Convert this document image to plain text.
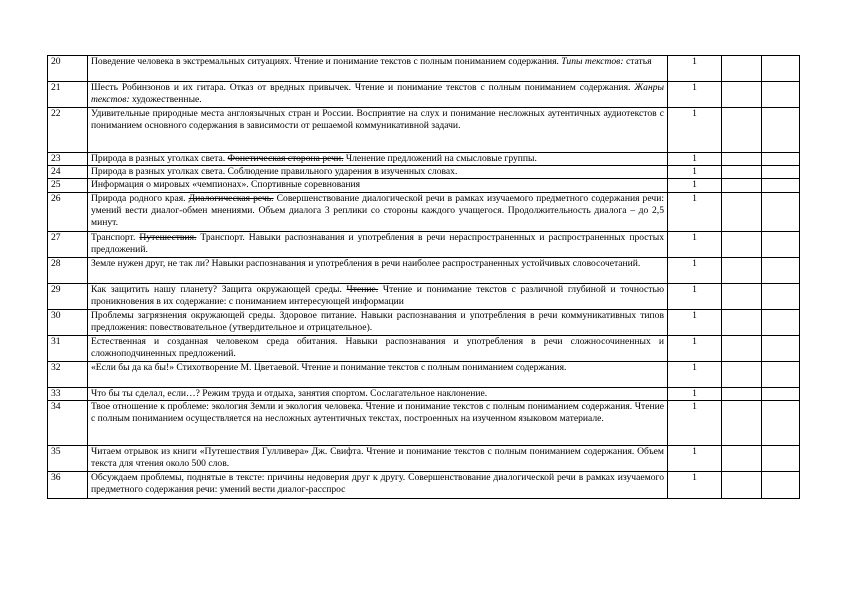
20	Поведение человека в экстремальных ситуациях. Чтение и понимание текстов с полным пониманием содержания. Типы текстов: статья	1		
21	Шесть Робинзонов и их гитара. Отказ от вредных привычек. Чтение и понимание текстов с полным пониманием содержания. Жанры текстов: художественные.	1		
22	Удивительные природные места англоязычных стран и России. Восприятие на слух и понимание несложных аутентичных аудиотекстов с пониманием основного содержания в зависимости от решаемой коммуникативной задачи.	1		
23	Природа в разных уголках света. Фонетическая сторона речи. Членение предложений на смысловые группы.	1		
24	Природа в разных уголках света. Соблюдение правильного ударения в изученных словах.	1		
25	Информация о мировых «чемпионах». Спортивные соревнования	1		
26	Природа родного края. Диалогическая речь. Совершенствование диалогической речи в рамках изучаемого предметного содержания речи: умений вести диалог-обмен мнениями. Объем диалога 3 реплики со стороны каждого учащегося. Продолжительность диалога – до 2,5 минут.	1		
27	Транспорт. Путешествия. Транспорт. Навыки распознавания и употребления в речи нераспространенных и распространенных простых предложений.	1		
28	Земле нужен друг, не так ли? Навыки распознавания и употребления в речи наиболее распространенных устойчивых словосочетаний.	1		
29	Как защитить нашу планету? Защита окружающей среды. Чтение. Чтение и понимание текстов с различной глубиной и точностью проникновения в их содержание: с пониманием интересующей информации	1		
30	Проблемы загрязнения окружающей среды. Здоровое питание. Навыки распознавания и употребления в речи коммуникативных типов предложения: повествовательное (утвердительное и отрицательное).	1		
31	Естественная и созданная человеком среда обитания. Навыки распознавания и употребления в речи сложносочиненных и сложноподчиненных предложений.	1		
32	«Если бы да ка бы!» Стихотворение М. Цветаевой. Чтение и понимание текстов с полным пониманием содержания.	1		
33	Что бы ты сделал, если…? Режим труда и отдыха, занятия спортом. Сослагательное наклонение.	1		
34	Твое отношение к проблеме: экология Земли и экология человека. Чтение и понимание текстов с полным пониманием содержания. Чтение с полным пониманием осуществляется на несложных аутентичных текстах, построенных на изученном языковом материале.	1		
35	Читаем отрывок из книги «Путешествия Гулливера» Дж. Свифта. Чтение и понимание текстов с полным пониманием содержания. Объем текста для чтения около 500 слов.	1		
36	Обсуждаем проблемы, поднятые в тексте: причины недоверия друг к другу. Совершенствование диалогической речи в рамках изучаемого предметного содержания речи: умений вести диалог-расспрос	1		
